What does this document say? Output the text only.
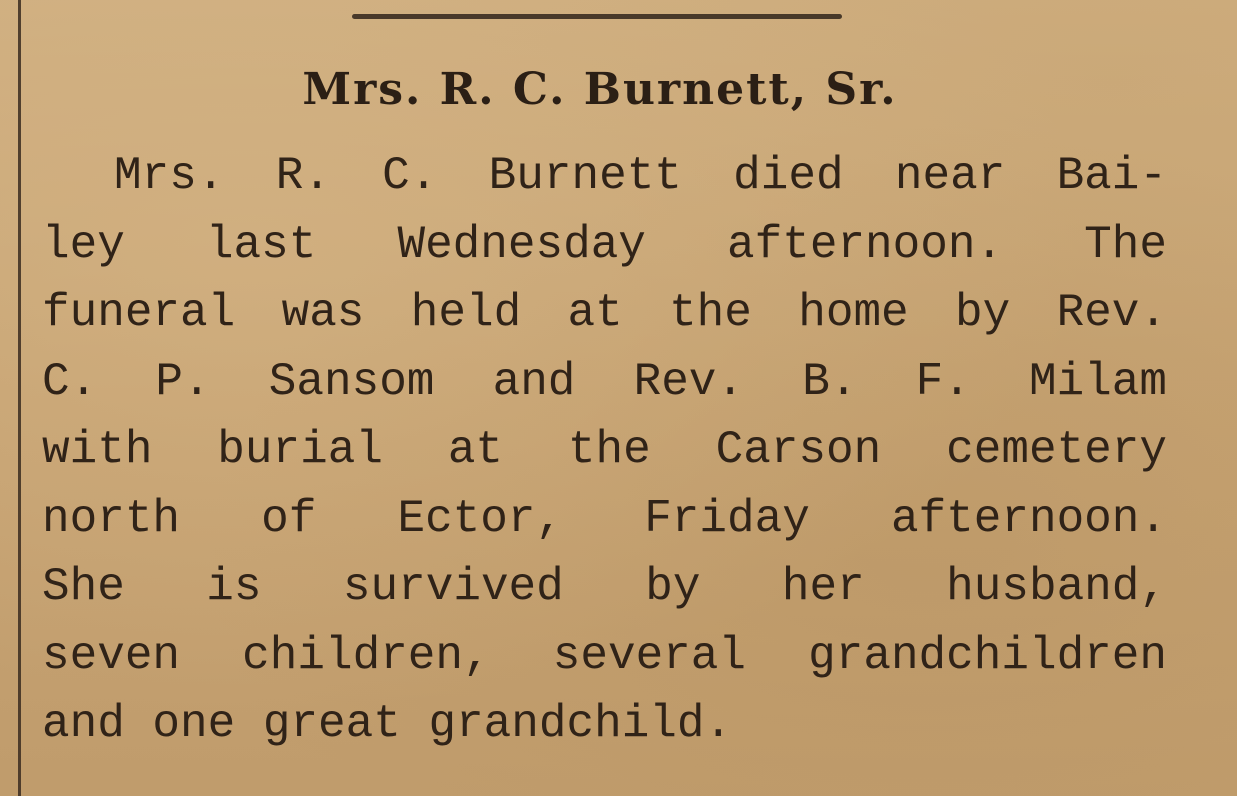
Mrs. R. C. Burnett, Sr.
Mrs. R. C. Burnett died near Bai-
ley last Wednesday afternoon. The
funeral was held at the home by Rev.
C. P. Sansom and Rev. B. F. Milam
with burial at the Carson cemetery
north of Ector, Friday afternoon.
She is survived by her husband,
seven children, several grandchildren
and one great grandchild.
